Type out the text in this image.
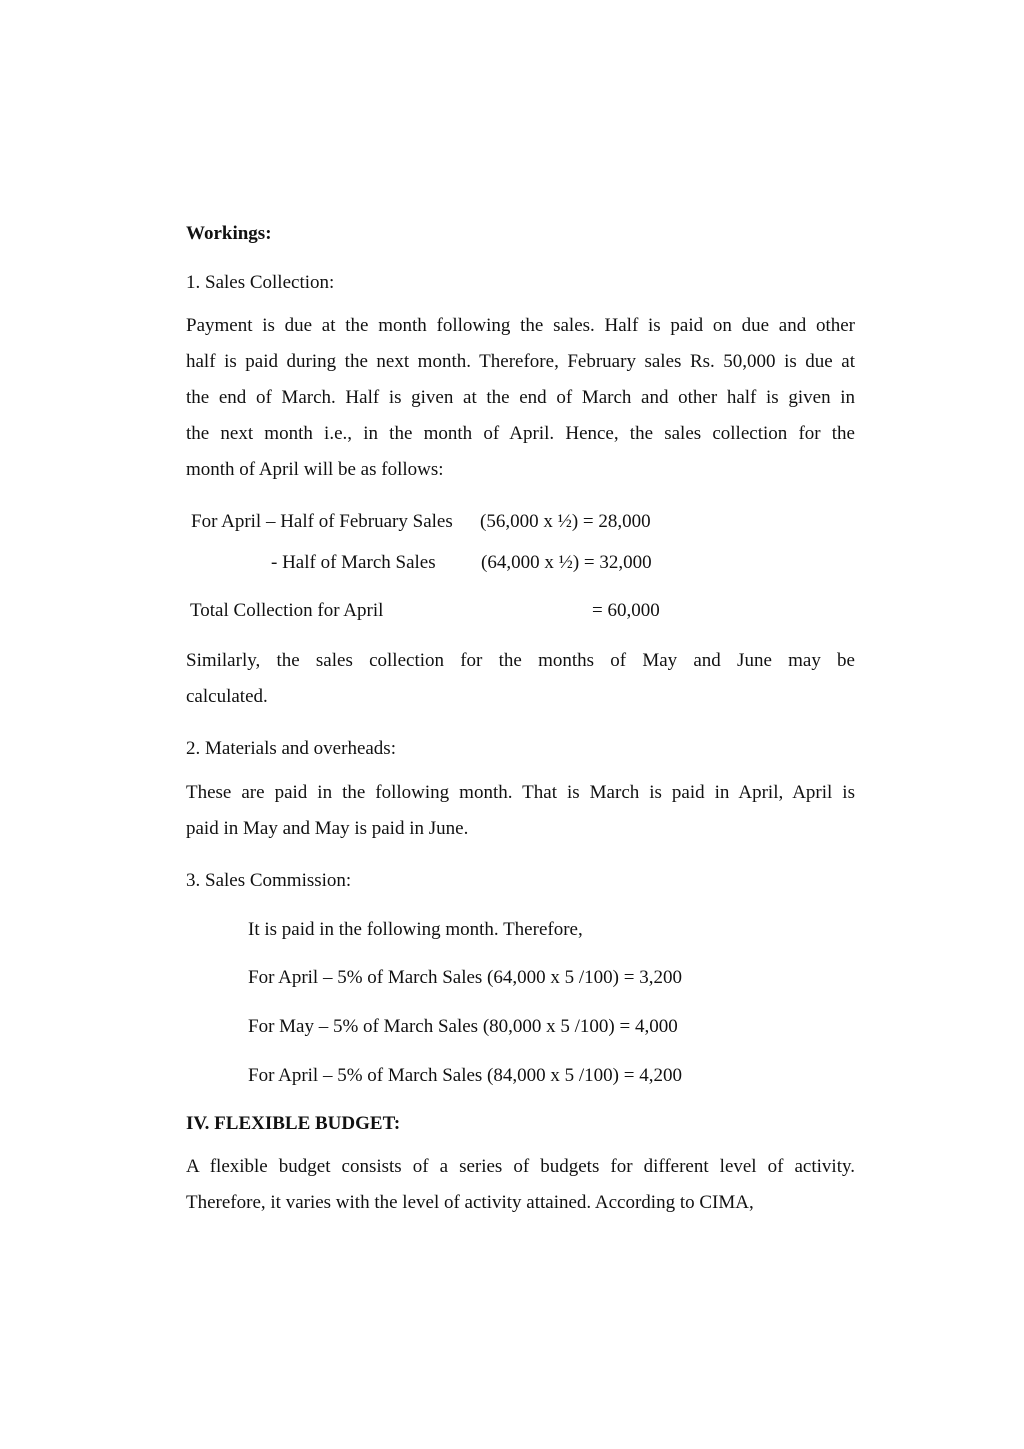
Workings:
1. Sales Collection:
Payment is due at the month following the sales. Half is paid on due and other
half is paid during the next month. Therefore, February sales Rs. 50,000 is due at
the end of March. Half is given at the end of March and other half is given in
the next month i.e., in the month of April. Hence, the sales collection for the
month of April will be as follows:
For April – Half of February Sales (56,000 x ½) = 28,000
- Half of March Sales (64,000 x ½) = 32,000
Total Collection for April	= 60,000
Similarly, the sales collection for the months of May and June may be
calculated.
2. Materials and overheads:
These are paid in the following month. That is March is paid in April, April is
paid in May and May is paid in June.
3. Sales Commission:
It is paid in the following month. Therefore,
For April – 5% of March Sales (64,000 x 5 /100) = 3,200
For May – 5% of March Sales (80,000 x 5 /100) = 4,000
For April – 5% of March Sales (84,000 x 5 /100) = 4,200
IV. FLEXIBLE BUDGET:
A flexible budget consists of a series of budgets for different level of activity.
Therefore, it varies with the level of activity attained. According to CIMA,
